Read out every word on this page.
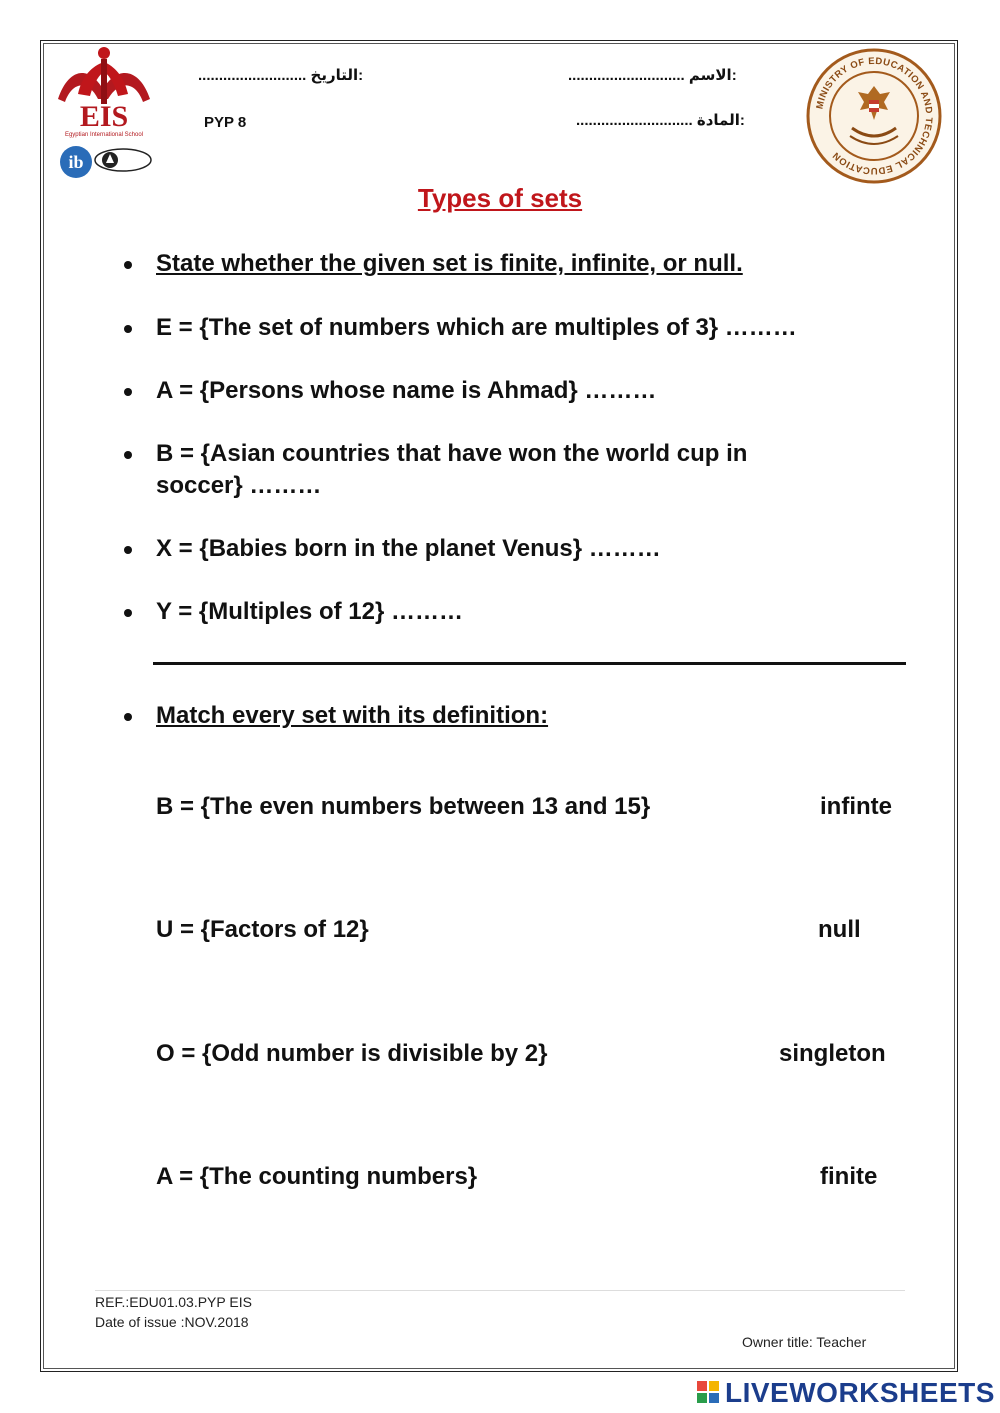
EIS
Egyptian International School
ib
.......................... التاريخ:	............................ الاسم:
PYP 8	............................ المادة:
MINISTRY OF EDUCATION AND TECHNICAL EDUCATION
Types of sets
State whether the given set is finite, infinite, or null.
E = {The set of numbers which are multiples of 3} ………
A = {Persons whose name is Ahmad} ………
B = {Asian countries that have won the world cup in
soccer} ………
X = {Babies born in the planet Venus} ………
Y = {Multiples of 12} ………
Match every set with its definition:
B = {The even numbers between 13 and 15}	infinte
U = {Factors of 12}	null
O = {Odd number is divisible by 2}	singleton
A = {The counting numbers}	finite
REF.:EDU01.03.PYP EIS
Date of issue :NOV.2018
Owner title: Teacher
LIVEWORKSHEETS
